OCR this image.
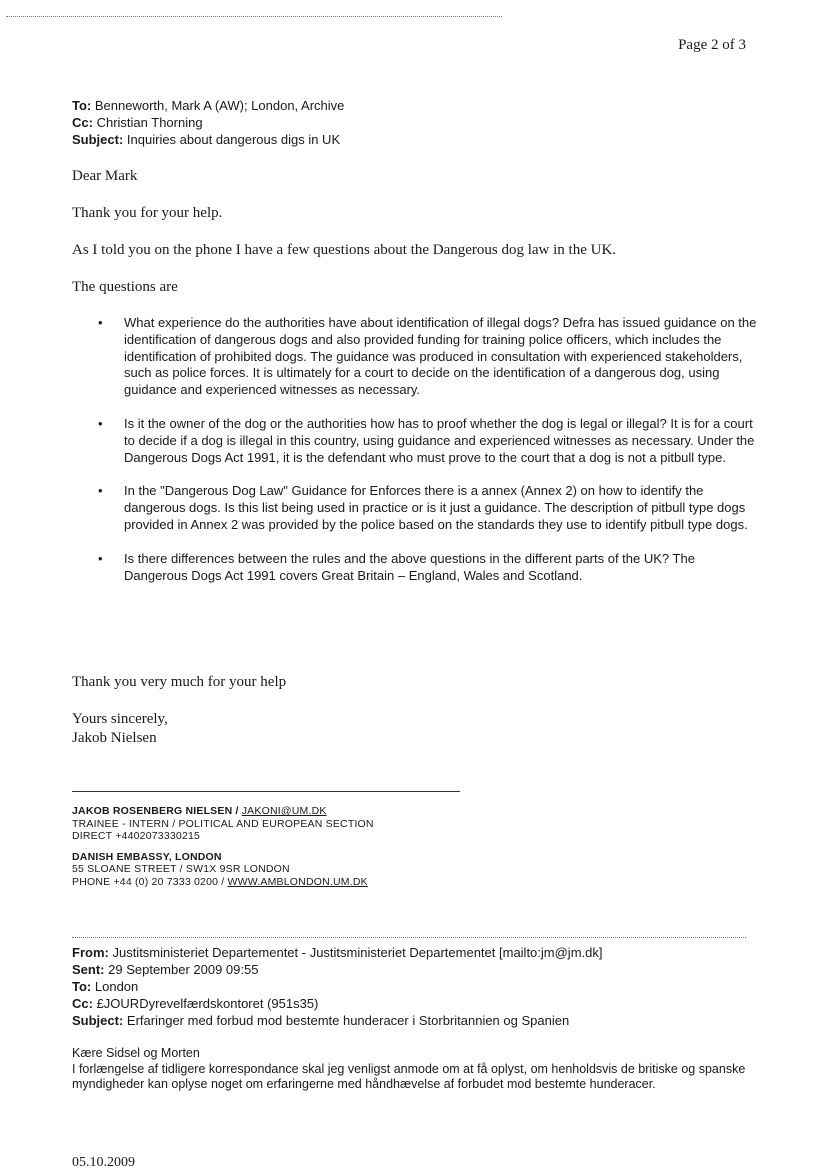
Page 2 of 3
To: Benneworth, Mark A (AW); London, Archive
Cc: Christian Thorning
Subject: Inquiries about dangerous digs in UK
Dear Mark
Thank you for your help.
As I told you on the phone I have a few questions about the Dangerous dog law in the UK.
The questions are
• What experience do the authorities have about identification of illegal dogs? Defra has issued guidance on the identification of dangerous dogs and also provided funding for training police officers, which includes the identification of prohibited dogs. The guidance was produced in consultation with experienced stakeholders, such as police forces. It is ultimately for a court to decide on the identification of a dangerous dog, using guidance and experienced witnesses as necessary.
• Is it the owner of the dog or the authorities how has to proof whether the dog is legal or illegal? It is for a court to decide if a dog is illegal in this country, using guidance and experienced witnesses as necessary. Under the Dangerous Dogs Act 1991, it is the defendant who must prove to the court that a dog is not a pitbull type.
• In the "Dangerous Dog Law" Guidance for Enforces there is a annex (Annex 2) on how to identify the dangerous dogs. Is this list being used in practice or is it just a guidance. The description of pitbull type dogs provided in Annex 2 was provided by the police based on the standards they use to identify pitbull type dogs.
• Is there differences between the rules and the above questions in the different parts of the UK? The Dangerous Dogs Act 1991 covers Great Britain – England, Wales and Scotland.
Thank you very much for your help
Yours sincerely,
Jakob Nielsen
JAKOB ROSENBERG NIELSEN / JAKONI@UM.DK
TRAINEE - INTERN / POLITICAL AND EUROPEAN SECTION
DIRECT +4402073330215
DANISH EMBASSY, LONDON
55 SLOANE STREET / SW1X 9SR LONDON
PHONE +44 (0) 20 7333 0200 / WWW.AMBLONDON.UM.DK
From: Justitsministeriet Departementet - Justitsministeriet Departementet [mailto:jm@jm.dk]
Sent: 29 September 2009 09:55
To: London
Cc: £JOURDyrevelfærdskontoret (951s35)
Subject: Erfaringer med forbud mod bestemte hunderacer i Storbritannien og Spanien
Kære Sidsel og Morten
I forlængelse af tidligere korrespondance skal jeg venligst anmode om at få oplyst, om henholdsvis de britiske og spanske myndigheder kan oplyse noget om erfaringerne med håndhævelse af forbudet mod bestemte hunderacer.
05.10.2009
